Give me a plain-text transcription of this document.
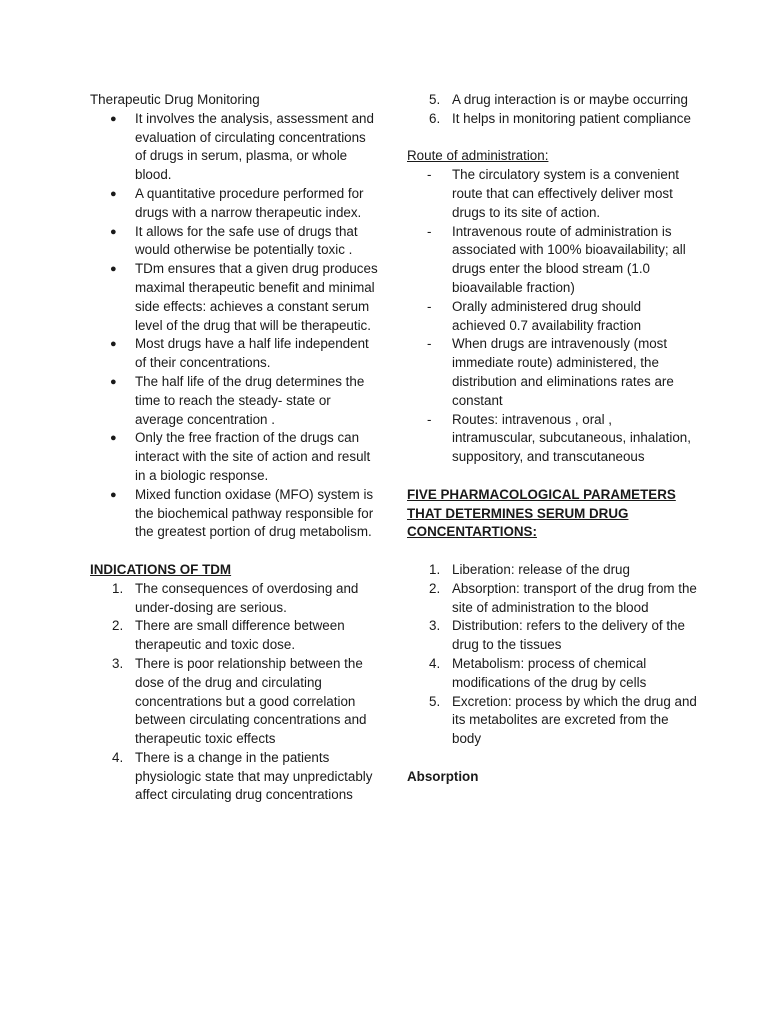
Therapeutic Drug Monitoring

● It involves the analysis, assessment and evaluation of circulating concentrations of drugs in serum, plasma, or whole blood.
● A quantitative procedure performed for drugs with a narrow therapeutic index.
● It allows for the safe use of drugs that would otherwise be potentially toxic .
● TDm ensures that a given drug produces maximal therapeutic benefit and minimal side effects: achieves a constant serum level of the drug that will be therapeutic.
● Most drugs have a half life independent of their concentrations.
● The half life of the drug determines the time to reach the steady- state or average concentration .
● Only the free fraction of the drugs can interact with the site of action and result in a biologic response.
● Mixed function oxidase (MFO) system is the biochemical pathway responsible for the greatest portion of drug metabolism.

INDICATIONS OF TDM

1. The consequences of overdosing and under-dosing are serious.
2. There are small difference between therapeutic and toxic dose.
3. There is poor relationship between the dose of the drug and circulating concentrations but a good correlation between circulating concentrations and therapeutic toxic effects
4. There is a change in the patients physiologic state that may unpredictably affect circulating drug concentrations
5. A drug interaction is or maybe occurring
6. It helps in monitoring patient compliance

Route of administration:

- The circulatory system is a convenient route that can effectively deliver most drugs to its site of action.
- Intravenous route of administration is associated with 100% bioavailability; all drugs enter the blood stream (1.0 bioavailable fraction)
- Orally administered drug should achieved 0.7 availability fraction
- When drugs are intravenously (most immediate route) administered, the distribution and eliminations rates are constant
- Routes: intravenous , oral , intramuscular, subcutaneous, inhalation, suppository, and transcutaneous

FIVE PHARMACOLOGICAL PARAMETERS THAT DETERMINES SERUM DRUG CONCENTARTIONS:

1. Liberation: release of the drug
2. Absorption: transport of the drug from the site of administration to the blood
3. Distribution: refers to the delivery of the drug to the tissues
4. Metabolism: process of chemical modifications of the drug by cells
5. Excretion: process by which the drug and its metabolites are excreted from the body

Absorption
